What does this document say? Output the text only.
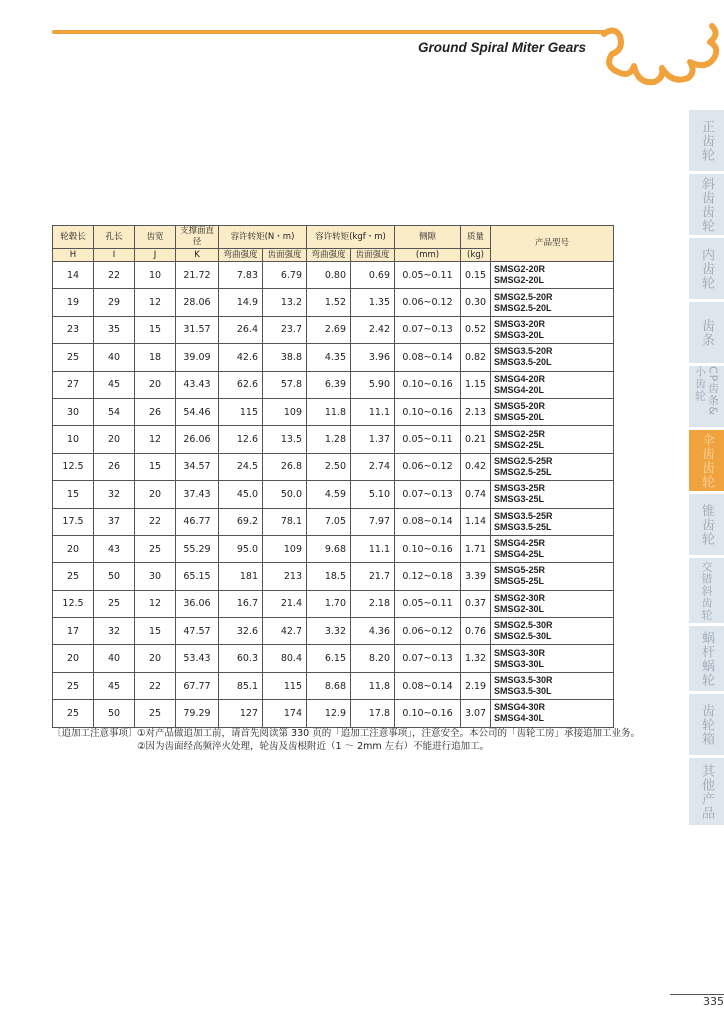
Ground Spiral Miter Gears
正齿轮
斜齿齿轮
内齿轮
齿条
CP齿条&小齿轮
伞齿齿轮
锥齿轮
交错斜齿轮
蜗杆蜗轮
齿轮箱
其他产品
轮毂长	孔长	齿宽	支撑面直径	容许转矩(N・m)		容许转矩(kgf・m)		侧隙	质量	产品型号
H	I	J	K	弯曲强度	齿面强度	弯曲强度	齿面强度	(mm)	(kg)	
14	22	10	21.72	7.83	6.79	0.80	0.69	0.05~0.11	0.15	SMSG2-20R
SMSG2-20L

19	29	12	28.06	14.9	13.2	1.52	1.35	0.06~0.12	0.30	SMSG2.5-20R
SMSG2.5-20L

23	35	15	31.57	26.4	23.7	2.69	2.42	0.07~0.13	0.52	SMSG3-20R
SMSG3-20L

25	40	18	39.09	42.6	38.8	4.35	3.96	0.08~0.14	0.82	SMSG3.5-20R
SMSG3.5-20L

27	45	20	43.43	62.6	57.8	6.39	5.90	0.10~0.16	1.15	SMSG4-20R
SMSG4-20L

30	54	26	54.46	115	109	11.8	11.1	0.10~0.16	2.13	SMSG5-20R
SMSG5-20L

10	20	12	26.06	12.6	13.5	1.28	1.37	0.05~0.11	0.21	SMSG2-25R
SMSG2-25L

12.5	26	15	34.57	24.5	26.8	2.50	2.74	0.06~0.12	0.42	SMSG2.5-25R
SMSG2.5-25L

15	32	20	37.43	45.0	50.0	4.59	5.10	0.07~0.13	0.74	SMSG3-25R
SMSG3-25L

17.5	37	22	46.77	69.2	78.1	7.05	7.97	0.08~0.14	1.14	SMSG3.5-25R
SMSG3.5-25L

20	43	25	55.29	95.0	109	9.68	11.1	0.10~0.16	1.71	SMSG4-25R
SMSG4-25L

25	50	30	65.15	181	213	18.5	21.7	0.12~0.18	3.39	SMSG5-25R
SMSG5-25L

12.5	25	12	36.06	16.7	21.4	1.70	2.18	0.05~0.11	0.37	SMSG2-30R
SMSG2-30L

17	32	15	47.57	32.6	42.7	3.32	4.36	0.06~0.12	0.76	SMSG2.5-30R
SMSG2.5-30L

20	40	20	53.43	60.3	80.4	6.15	8.20	0.07~0.13	1.32	SMSG3-30R
SMSG3-30L

25	45	22	67.77	85.1	115	8.68	11.8	0.08~0.14	2.19	SMSG3.5-30R
SMSG3.5-30L

25	50	25	79.29	127	174	12.9	17.8	0.10~0.16	3.07	SMSG4-30R
SMSG4-30L
〔追加工注意事项〕 ①对产品做追加工前，请首先阅读第 330 页的「追加工注意事项」，注意安全。本公司的「齿轮工房」承接追加工业务。
②因为齿面经高频淬火处理，轮齿及齿根附近（1 ～ 2mm 左右）不能进行追加工。
335
